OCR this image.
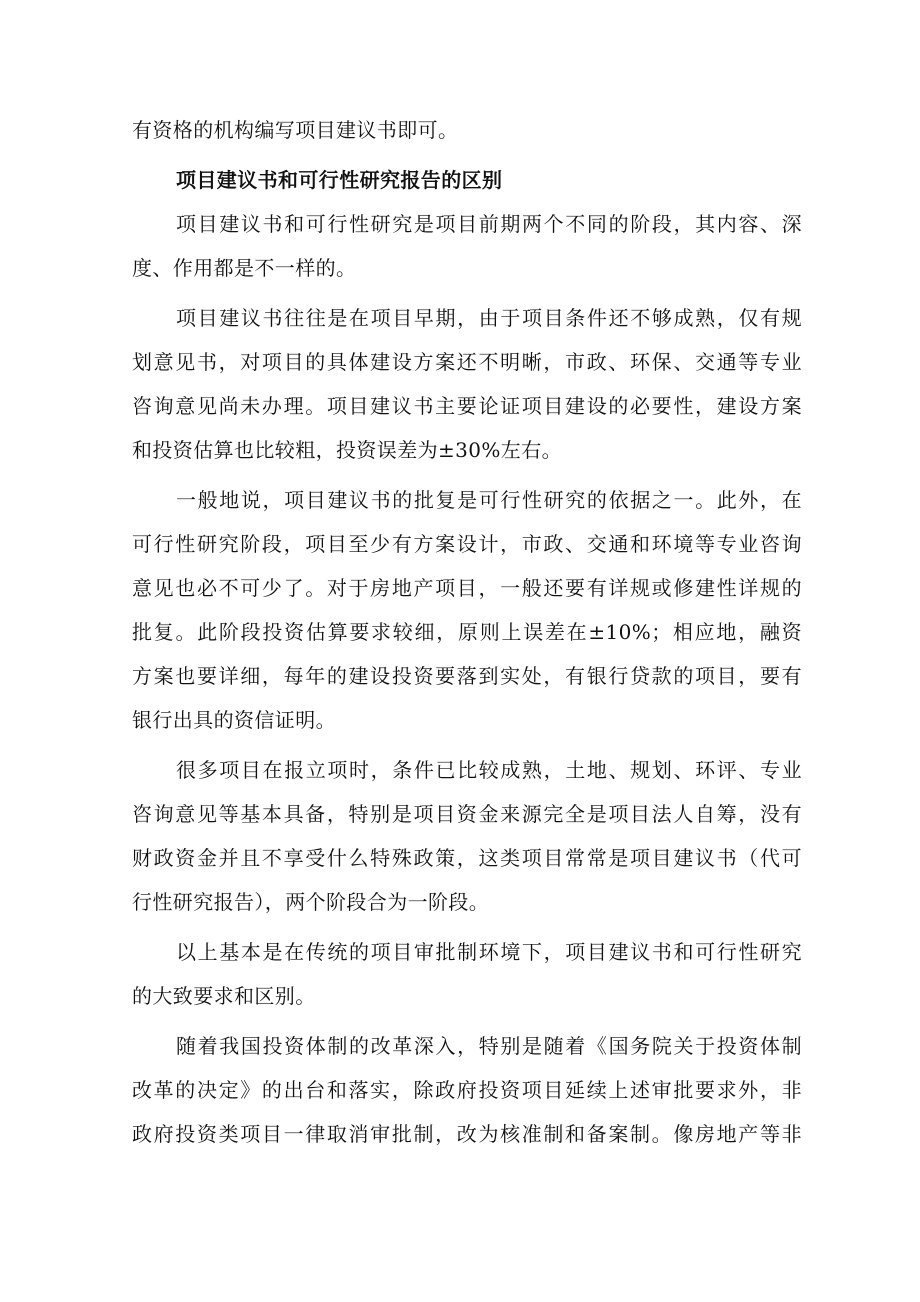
有资格的机构编写项目建议书即可。
项目建议书和可行性研究报告的区别
项目建议书和可行性研究是项目前期两个不同的阶段，其内容、深
度、作用都是不一样的。
项目建议书往往是在项目早期，由于项目条件还不够成熟，仅有规
划意见书，对项目的具体建设方案还不明晰，市政、环保、交通等专业
咨询意见尚未办理。项目建议书主要论证项目建设的必要性，建设方案
和投资估算也比较粗，投资误差为±30%左右。
一般地说，项目建议书的批复是可行性研究的依据之一。此外，在
可行性研究阶段，项目至少有方案设计，市政、交通和环境等专业咨询
意见也必不可少了。对于房地产项目，一般还要有详规或修建性详规的
批复。此阶段投资估算要求较细，原则上误差在±10%；相应地，融资
方案也要详细，每年的建设投资要落到实处，有银行贷款的项目，要有
银行出具的资信证明。
很多项目在报立项时，条件已比较成熟，土地、规划、环评、专业
咨询意见等基本具备，特别是项目资金来源完全是项目法人自筹，没有
财政资金并且不享受什么特殊政策，这类项目常常是项目建议书（代可
行性研究报告），两个阶段合为一阶段。
以上基本是在传统的项目审批制环境下，项目建议书和可行性研究
的大致要求和区别。
随着我国投资体制的改革深入，特别是随着《国务院关于投资体制
改革的决定》的出台和落实，除政府投资项目延续上述审批要求外，非
政府投资类项目一律取消审批制，改为核准制和备案制。像房地产等非
